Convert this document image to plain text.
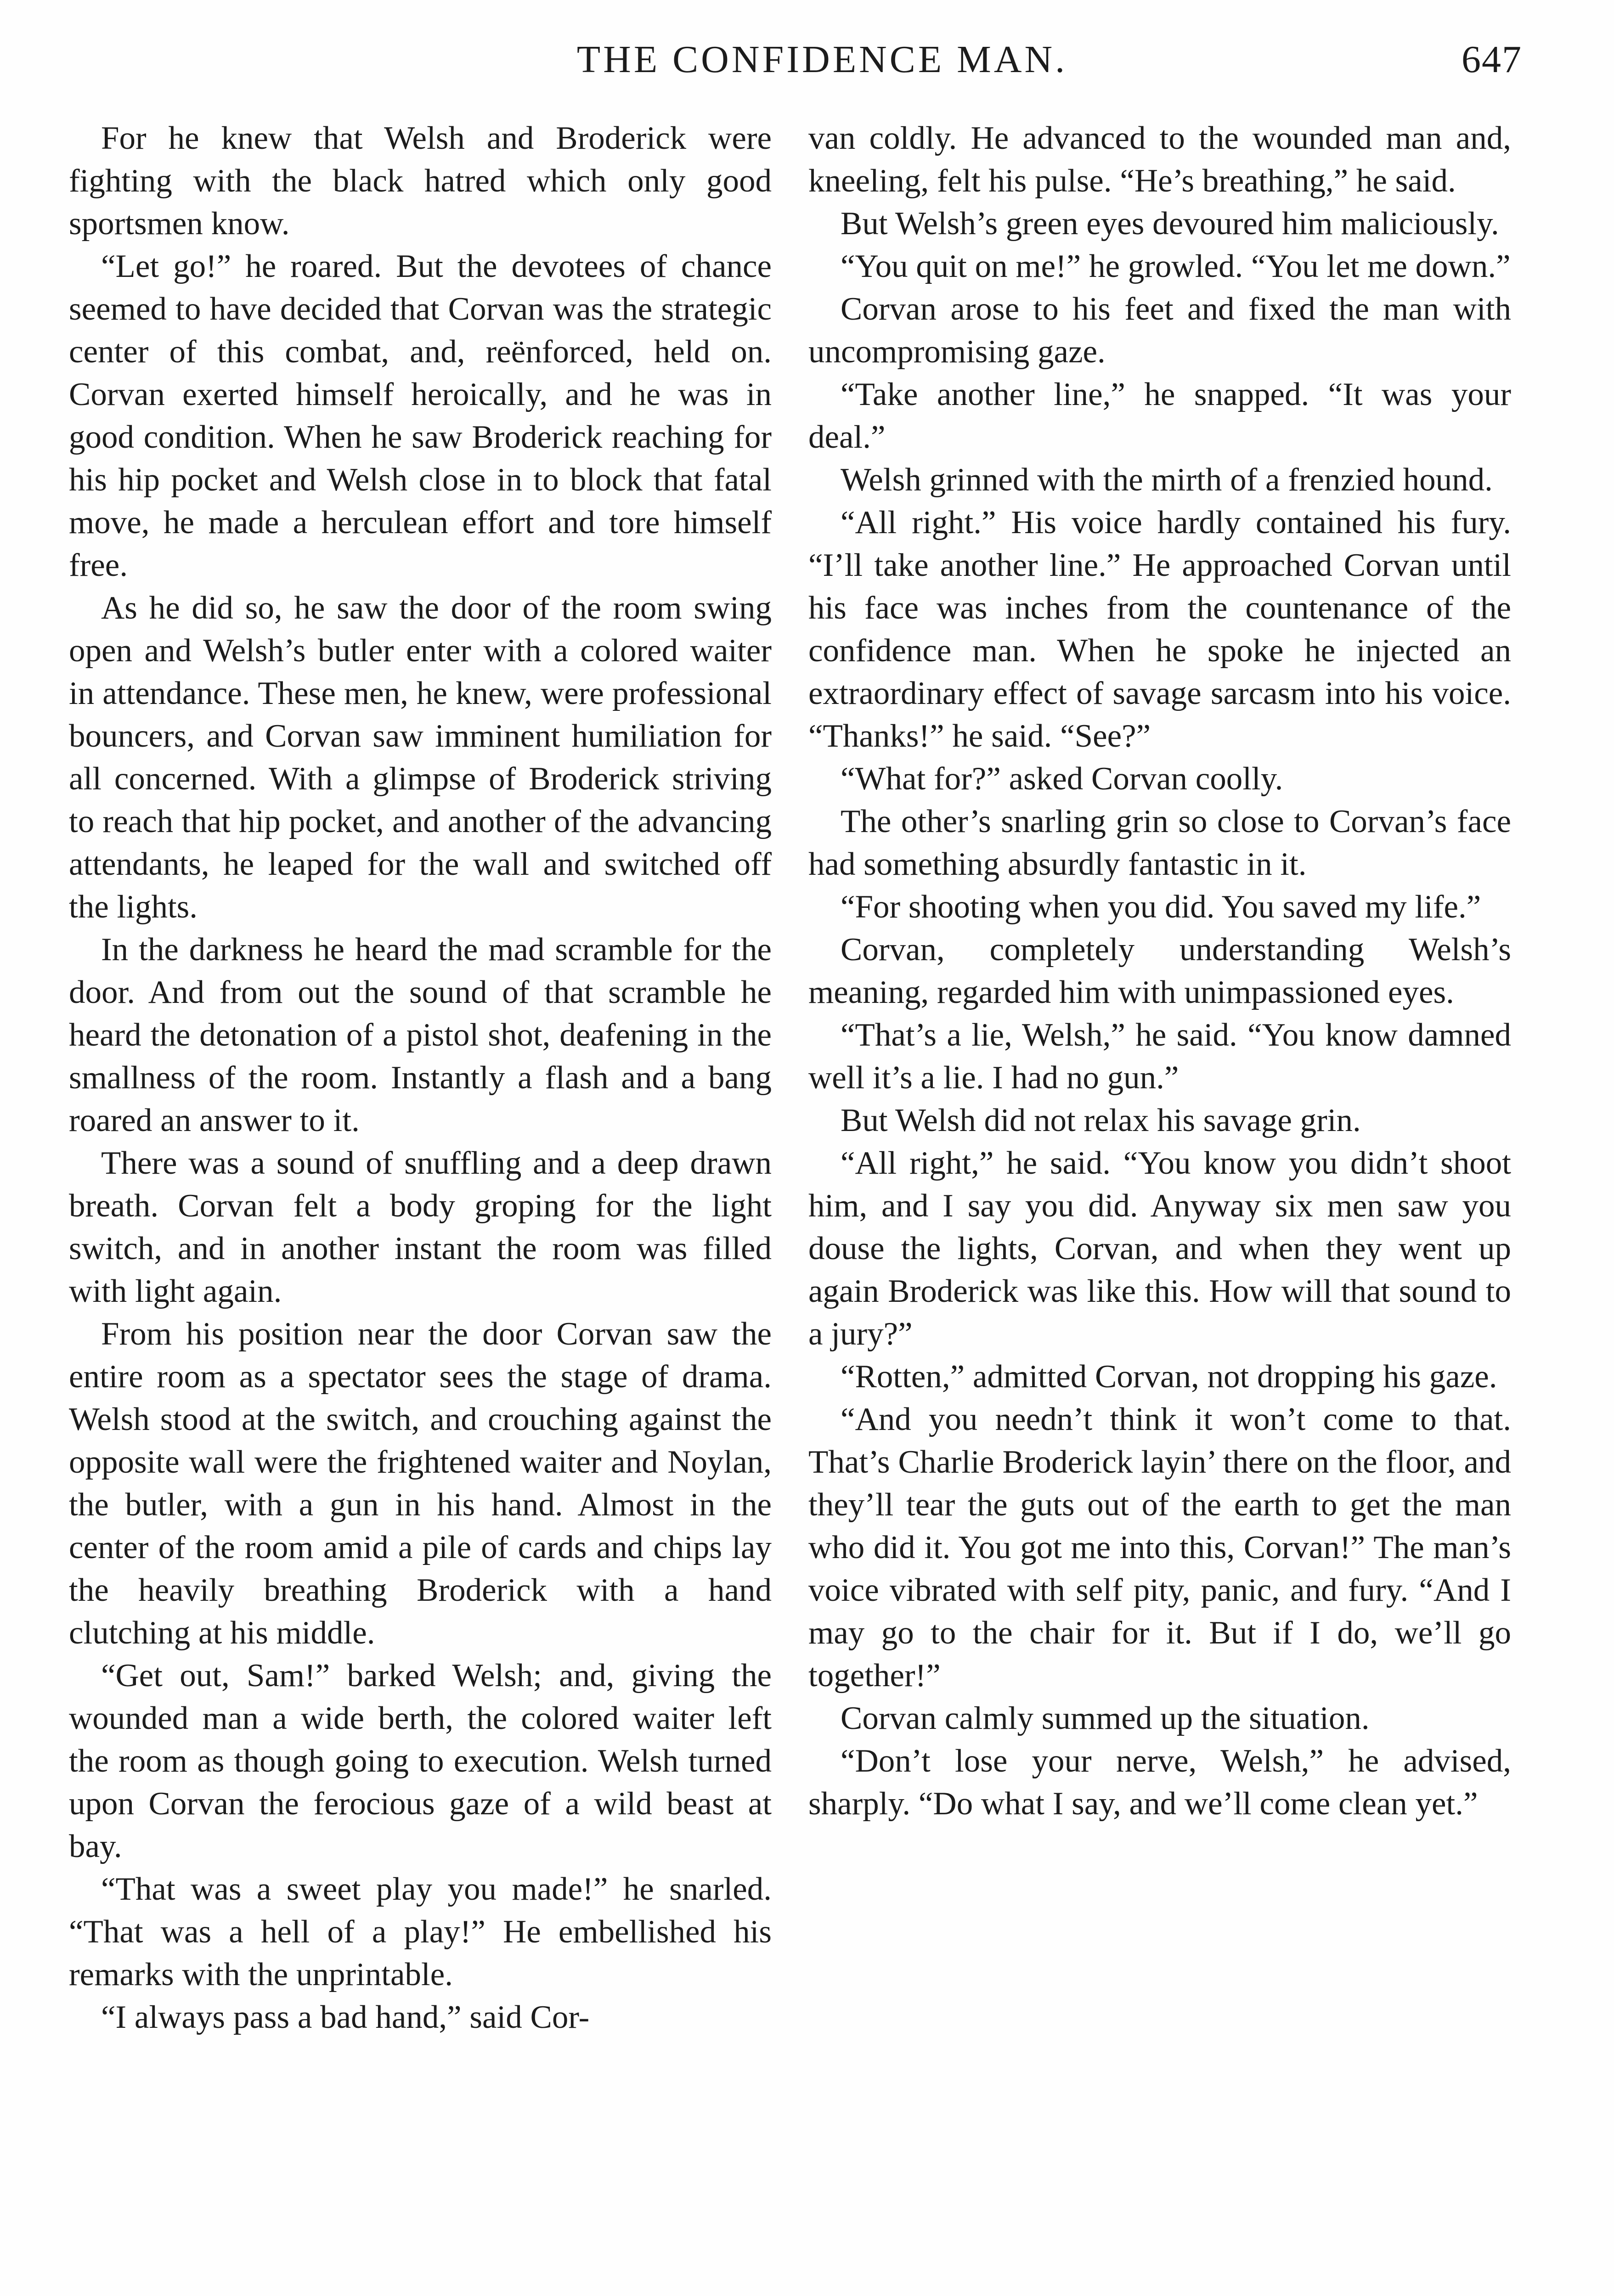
THE CONFIDENCE MAN.	647

For he knew that Welsh and Broderick were fighting with the black hatred which only good sportsmen know.

“Let go!” he roared. But the devotees of chance seemed to have decided that Corvan was the strategic center of this combat, and, reënforced, held on. Corvan exerted himself heroically, and he was in good condition. When he saw Broderick reaching for his hip pocket and Welsh close in to block that fatal move, he made a herculean effort and tore himself free.

As he did so, he saw the door of the room swing open and Welsh’s butler enter with a colored waiter in attendance. These men, he knew, were professional bouncers, and Corvan saw imminent humiliation for all concerned. With a glimpse of Broderick striving to reach that hip pocket, and another of the advancing attendants, he leaped for the wall and switched off the lights.

In the darkness he heard the mad scramble for the door. And from out the sound of that scramble he heard the detonation of a pistol shot, deafening in the smallness of the room. Instantly a flash and a bang roared an answer to it.

There was a sound of snuffling and a deep drawn breath. Corvan felt a body groping for the light switch, and in another instant the room was filled with light again.

From his position near the door Corvan saw the entire room as a spectator sees the stage of drama. Welsh stood at the switch, and crouching against the opposite wall were the frightened waiter and Noylan, the butler, with a gun in his hand. Almost in the center of the room amid a pile of cards and chips lay the heavily breathing Broderick with a hand clutching at his middle.

“Get out, Sam!” barked Welsh; and, giving the wounded man a wide berth, the colored waiter left the room as though going to execution. Welsh turned upon Corvan the ferocious gaze of a wild beast at bay.

“That was a sweet play you made!” he snarled. “That was a hell of a play!” He embellished his remarks with the unprintable.

“I always pass a bad hand,” said Cor-

van coldly. He advanced to the wounded man and, kneeling, felt his pulse. “He’s breathing,” he said.

But Welsh’s green eyes devoured him maliciously.

“You quit on me!” he growled. “You let me down.”

Corvan arose to his feet and fixed the man with uncompromising gaze.

“Take another line,” he snapped. “It was your deal.”

Welsh grinned with the mirth of a frenzied hound.

“All right.” His voice hardly contained his fury. “I’ll take another line.” He approached Corvan until his face was inches from the countenance of the confidence man. When he spoke he injected an extraordinary effect of savage sarcasm into his voice. “Thanks!” he said. “See?”

“What for?” asked Corvan coolly.

The other’s snarling grin so close to Corvan’s face had something absurdly fantastic in it.

“For shooting when you did. You saved my life.”

Corvan, completely understanding Welsh’s meaning, regarded him with unimpassioned eyes.

“That’s a lie, Welsh,” he said. “You know damned well it’s a lie. I had no gun.”

But Welsh did not relax his savage grin.

“All right,” he said. “You know you didn’t shoot him, and I say you did. Anyway six men saw you douse the lights, Corvan, and when they went up again Broderick was like this. How will that sound to a jury?”

“Rotten,” admitted Corvan, not dropping his gaze.

“And you needn’t think it won’t come to that. That’s Charlie Broderick layin’ there on the floor, and they’ll tear the guts out of the earth to get the man who did it. You got me into this, Corvan!” The man’s voice vibrated with self pity, panic, and fury. “And I may go to the chair for it. But if I do, we’ll go together!”

Corvan calmly summed up the situation.

“Don’t lose your nerve, Welsh,” he advised, sharply. “Do what I say, and we’ll come clean yet.”
